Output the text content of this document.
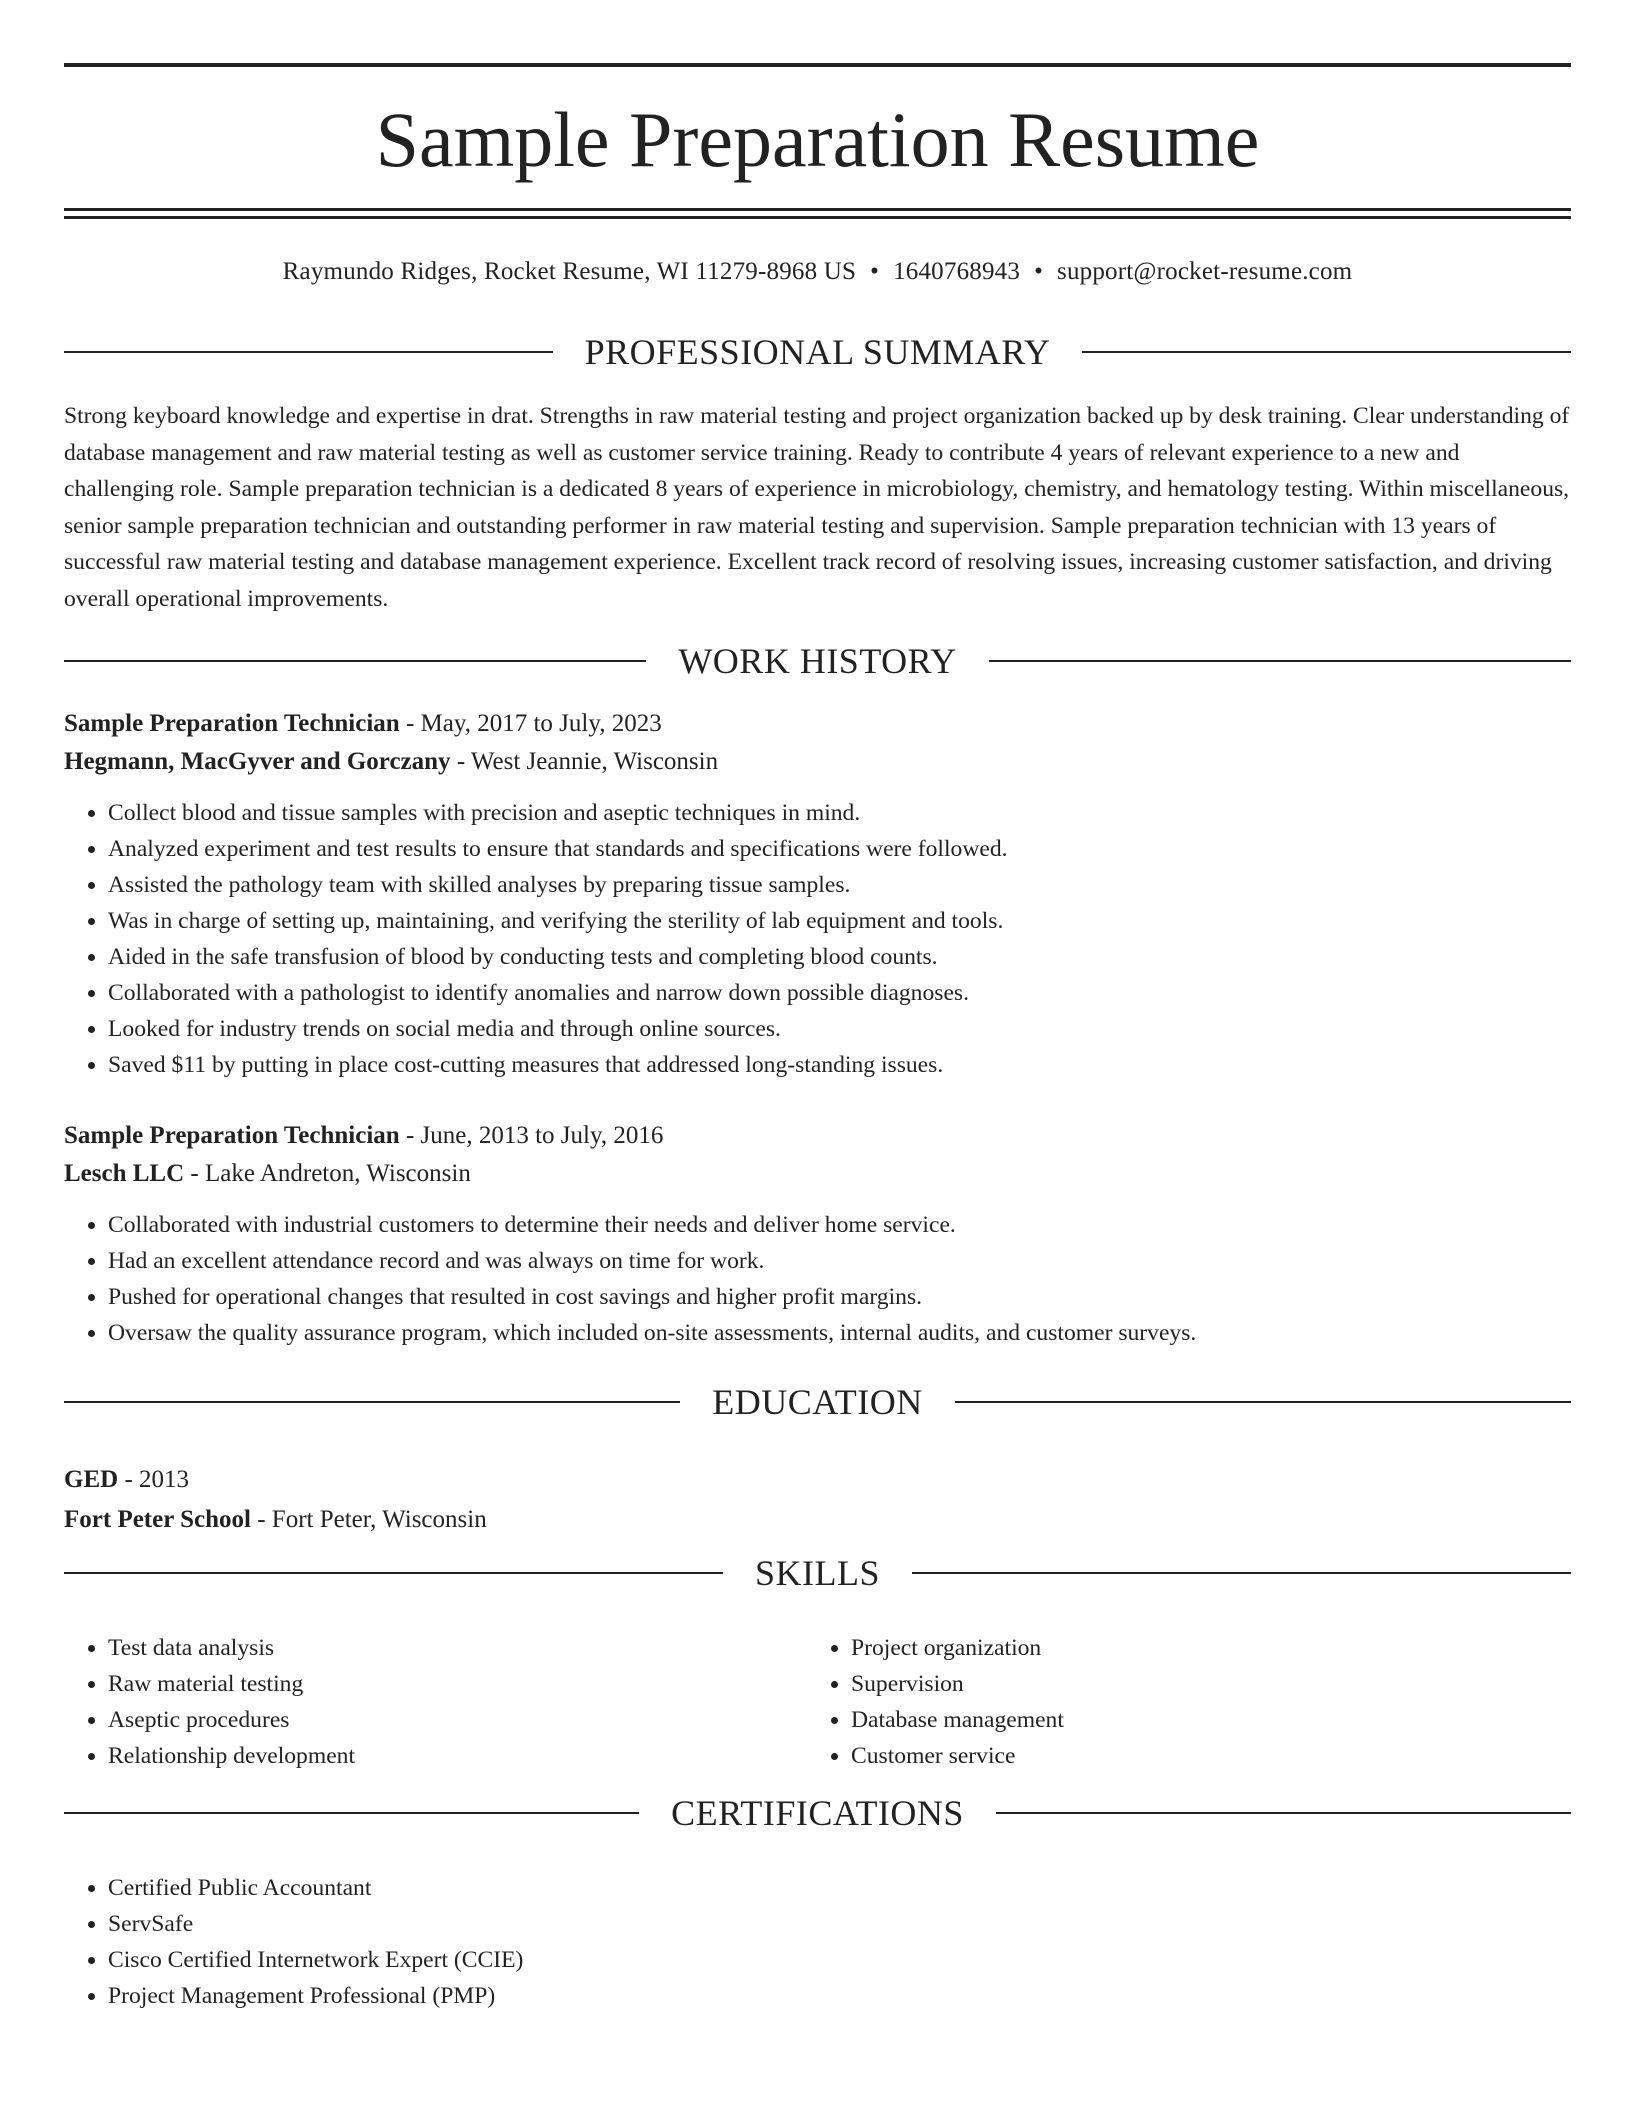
Sample Preparation Resume
Raymundo Ridges, Rocket Resume, WI 11279-8968 US • 1640768943 • support@rocket-resume.com
PROFESSIONAL SUMMARY

Strong keyboard knowledge and expertise in drat. Strengths in raw material testing and project organization backed up by desk training. Clear understanding of database management and raw material testing as well as customer service training. Ready to contribute 4 years of relevant experience to a new and challenging role. Sample preparation technician is a dedicated 8 years of experience in microbiology, chemistry, and hematology testing. Within miscellaneous, senior sample preparation technician and outstanding performer in raw material testing and supervision. Sample preparation technician with 13 years of successful raw material testing and database management experience. Excellent track record of resolving issues, increasing customer satisfaction, and driving overall operational improvements.

WORK HISTORY
Sample Preparation Technician - May, 2017 to July, 2023
Hegmann, MacGyver and Gorczany - West Jeannie, Wisconsin
• Collect blood and tissue samples with precision and aseptic techniques in mind.
• Analyzed experiment and test results to ensure that standards and specifications were followed.
• Assisted the pathology team with skilled analyses by preparing tissue samples.
• Was in charge of setting up, maintaining, and verifying the sterility of lab equipment and tools.
• Aided in the safe transfusion of blood by conducting tests and completing blood counts.
• Collaborated with a pathologist to identify anomalies and narrow down possible diagnoses.
• Looked for industry trends on social media and through online sources.
• Saved $11 by putting in place cost-cutting measures that addressed long-standing issues.
Sample Preparation Technician - June, 2013 to July, 2016
Lesch LLC - Lake Andreton, Wisconsin
• Collaborated with industrial customers to determine their needs and deliver home service.
• Had an excellent attendance record and was always on time for work.
• Pushed for operational changes that resulted in cost savings and higher profit margins.
• Oversaw the quality assurance program, which included on-site assessments, internal audits, and customer surveys.
EDUCATION
GED - 2013
Fort Peter School - Fort Peter, Wisconsin
SKILLS
• Test data analysis
• Raw material testing
• Aseptic procedures
• Relationship development
• Project organization
• Supervision
• Database management
• Customer service
CERTIFICATIONS
• Certified Public Accountant
• ServSafe
• Cisco Certified Internetwork Expert (CCIE)
• Project Management Professional (PMP)
